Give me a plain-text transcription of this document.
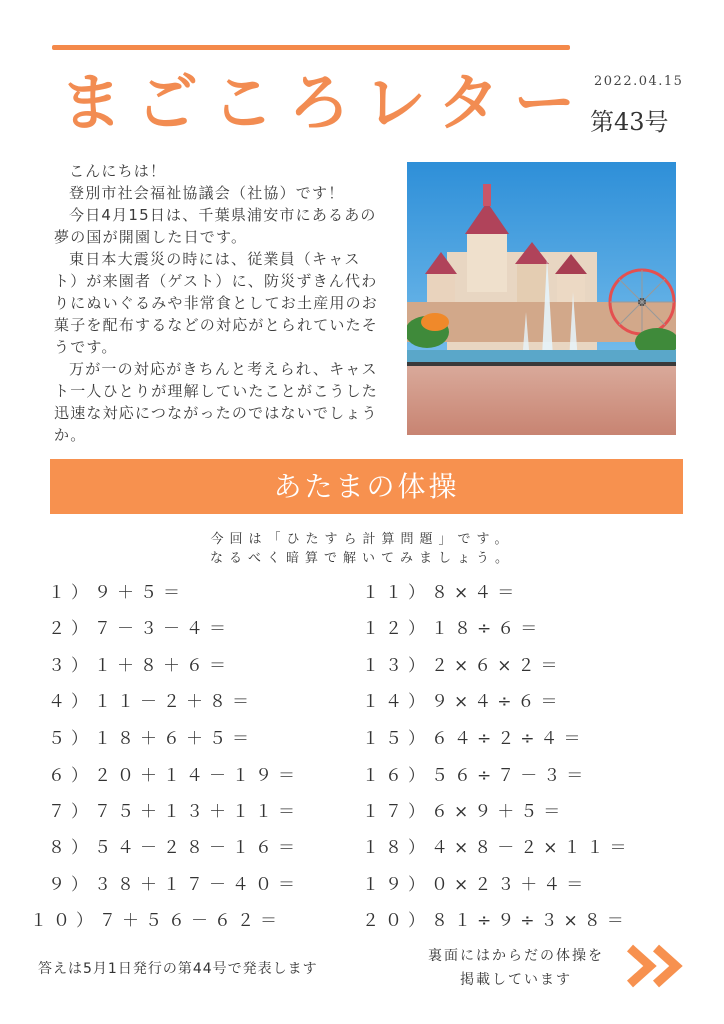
まごころレター 2022.04.15
第43号

こんにちは！

登別市社会福祉協議会（社協）です！

今日4月15日は、千葉県浦安市にあるあの夢の国が開園した日です。

東日本大震災の時には、従業員（キャスト）が来園者（ゲスト）に、防災ずきん代わりにぬいぐるみや非常食としてお土産用のお菓子を配布するなどの対応がとられていたそうです。

万が一の対応がきちんと考えられ、キャスト一人ひとりが理解していたことがこうした迅速な対応につながったのではないでしょうか。

あたまの体操
今回は「ひたすら計算問題」です。
なるべく暗算で解いてみましょう。
１）９＋５＝
２）７－３－４＝
３）１＋８＋６＝
４）１１－２＋８＝
５）１８＋６＋５＝
６）２０＋１４－１９＝
７）７５＋１３＋１１＝
８）５４－２８－１６＝
９）３８＋１７－４０＝
１０）７＋５６－６２＝
１１）８×４＝
１２）１８÷６＝
１３）２×６×２＝
１４）９×４÷６＝
１５）６４÷２÷４＝
１６）５６÷７－３＝
１７）６×９＋５＝
１８）４×８－２×１１＝
１９）０×２３＋４＝
２０）８１÷９÷３×８＝
答えは5月1日発行の第44号で発表します
裏面にはからだの体操を
掲載しています
